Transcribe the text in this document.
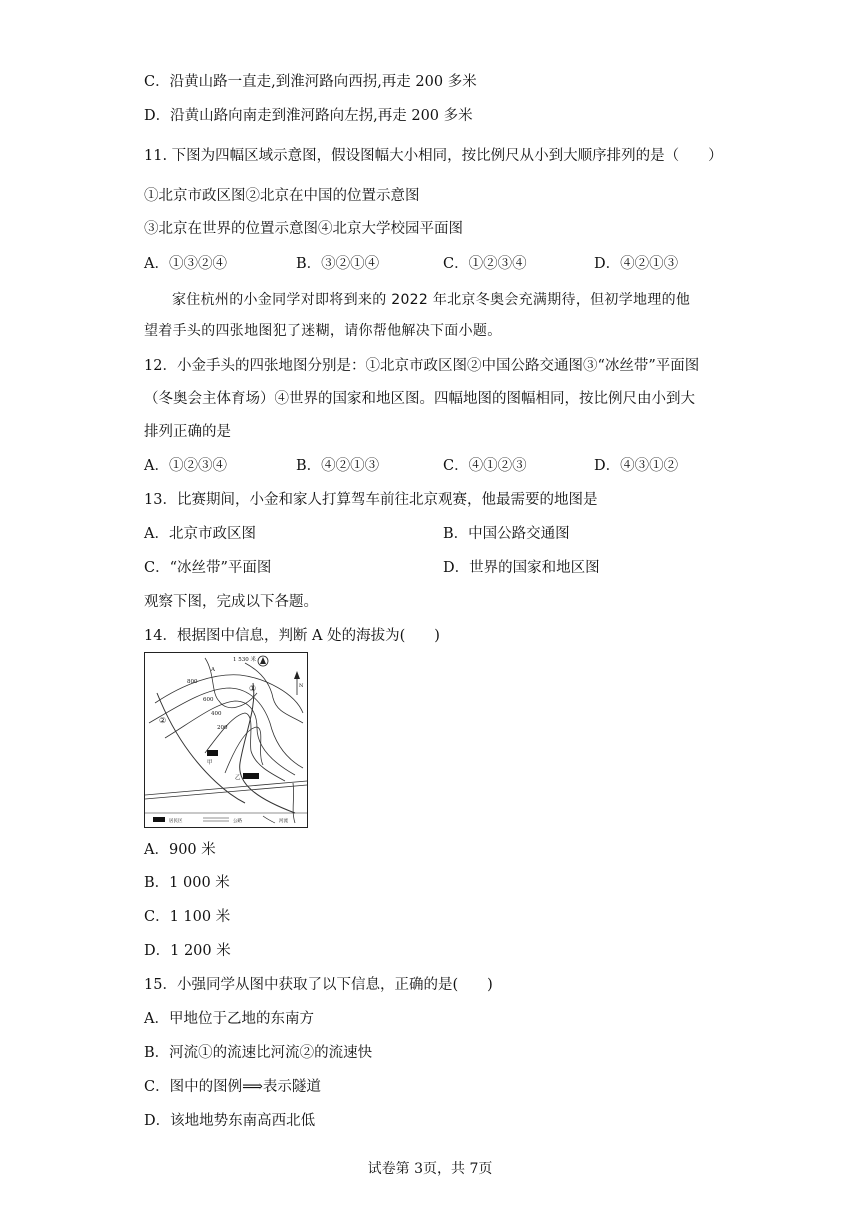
C．沿黄山路一直走,到淮河路向西拐,再走 200 多米
D．沿黄山路向南走到淮河路向左拐,再走 200 多米
11. 下图为四幅区域示意图，假设图幅大小相同，按比例尺从小到大顺序排列的是（　　）
①北京市政区图②北京在中国的位置示意图
③北京在世界的位置示意图④北京大学校园平面图
A．①③②④	B．③②①④	C．①②③④	D．④②①③
家住杭州的小金同学对即将到来的 2022 年北京冬奥会充满期待，但初学地理的他
望着手头的四张地图犯了迷糊，请你帮他解决下面小题。
12．小金手头的四张地图分别是：①北京市政区图②中国公路交通图③“冰丝带”平面图
（冬奥会主体育场）④世界的国家和地区图。四幅地图的图幅相同，按比例尺由小到大
排列正确的是
A．①②③④	B．④②①③	C．④①②③	D．④③①②
13．比赛期间，小金和家人打算驾车前往北京观赛，他最需要的地图是
A．北京市政区图	B．中国公路交通图
C．“冰丝带”平面图	D．世界的国家和地区图
观察下图，完成以下各题。
14．根据图中信息，判断 A 处的海拔为(　　)
1 530 米
800
600
400
200
A
①
②
甲
乙
N
居民区	公路	河流
A．900 米
B．1 000 米
C．1 100 米
D．1 200 米
15．小强同学从图中获取了以下信息，正确的是(　　)
A．甲地位于乙地的东南方
B．河流①的流速比河流②的流速快
C．图中的图例⟹表示隧道
D．该地地势东南高西北低
试卷第 3页，共 7页
